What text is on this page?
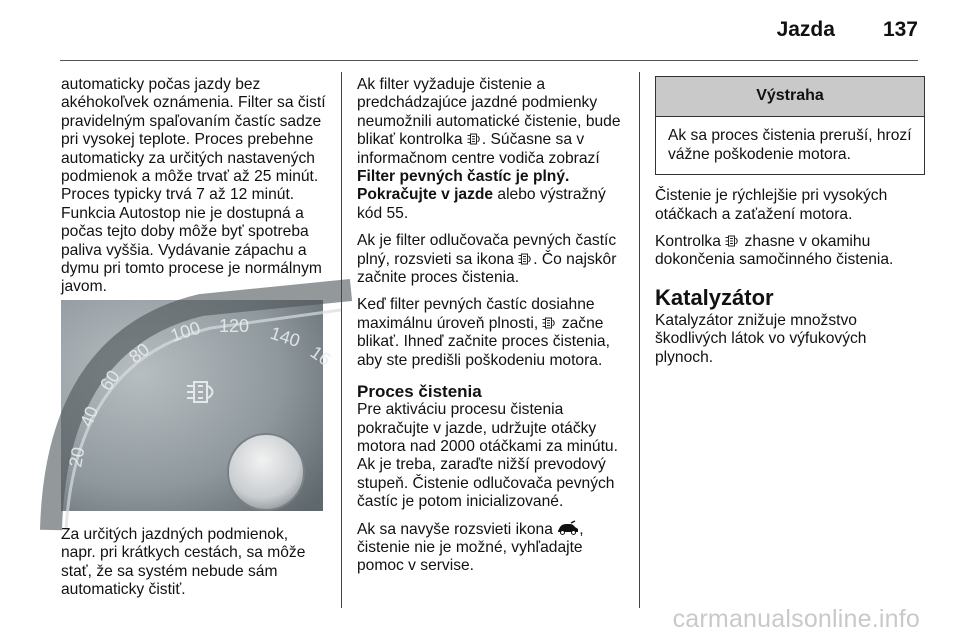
Jazda 137

automaticky počas jazdy bez akéhokoľvek oznámenia. Filter sa čistí pravidelným spaľovaním častíc sadze pri vysokej teplote. Proces prebehne automaticky za určitých nastavených podmienok a môže trvať až 25 minút. Proces typicky trvá 7 až 12 minút. Funkcia Autostop nie je dostupná a počas tejto doby môže byť spotreba paliva vyššia. Vydávanie zápachu a dymu pri tomto procese je normálnym javom.

20
40
60
80
100 120 140
16
Za určitých jazdných podmienok, napr. pri krátkych cestách, sa môže stať, že sa systém nebude sám automaticky čistiť.

Ak filter vyžaduje čistenie a predchádzajúce jazdné podmienky neumožnili automatické čistenie, bude blikať kontrolka
. Súčasne sa v informačnom centre vodiča zobrazí Filter pevných častíc je plný. Pokračujte v jazde alebo výstražný kód 55.

Ak je filter odlučovača pevných častíc plný, rozsvieti sa ikona
. Čo najskôr začnite proces čistenia.

Keď filter pevných častíc dosiahne maximálnu úroveň plnosti,
začne blikať. Ihneď začnite proces čistenia, aby ste predišli poškodeniu motora.

Proces čistenia

Pre aktiváciu procesu čistenia pokračujte v jazde, udržujte otáčky motora nad 2000 otáčkami za minútu. Ak je treba, zaraďte nižší prevodový stupeň. Čistenie odlučovača pevných častíc je potom inicializované.

Ak sa navyše rozsvieti ikona
, čistenie nie je možné, vyhľadajte pomoc v servise.

Výstraha
Ak sa proces čistenia preruší, hrozí vážne poškodenie motora.

Čistenie je rýchlejšie pri vysokých otáčkach a zaťažení motora.

Kontrolka
zhasne v okamihu dokončenia samočinného čistenia.

Katalyzátor

Katalyzátor znižuje množstvo škodlivých látok vo výfukových plynoch.

carmanualsonline.info
